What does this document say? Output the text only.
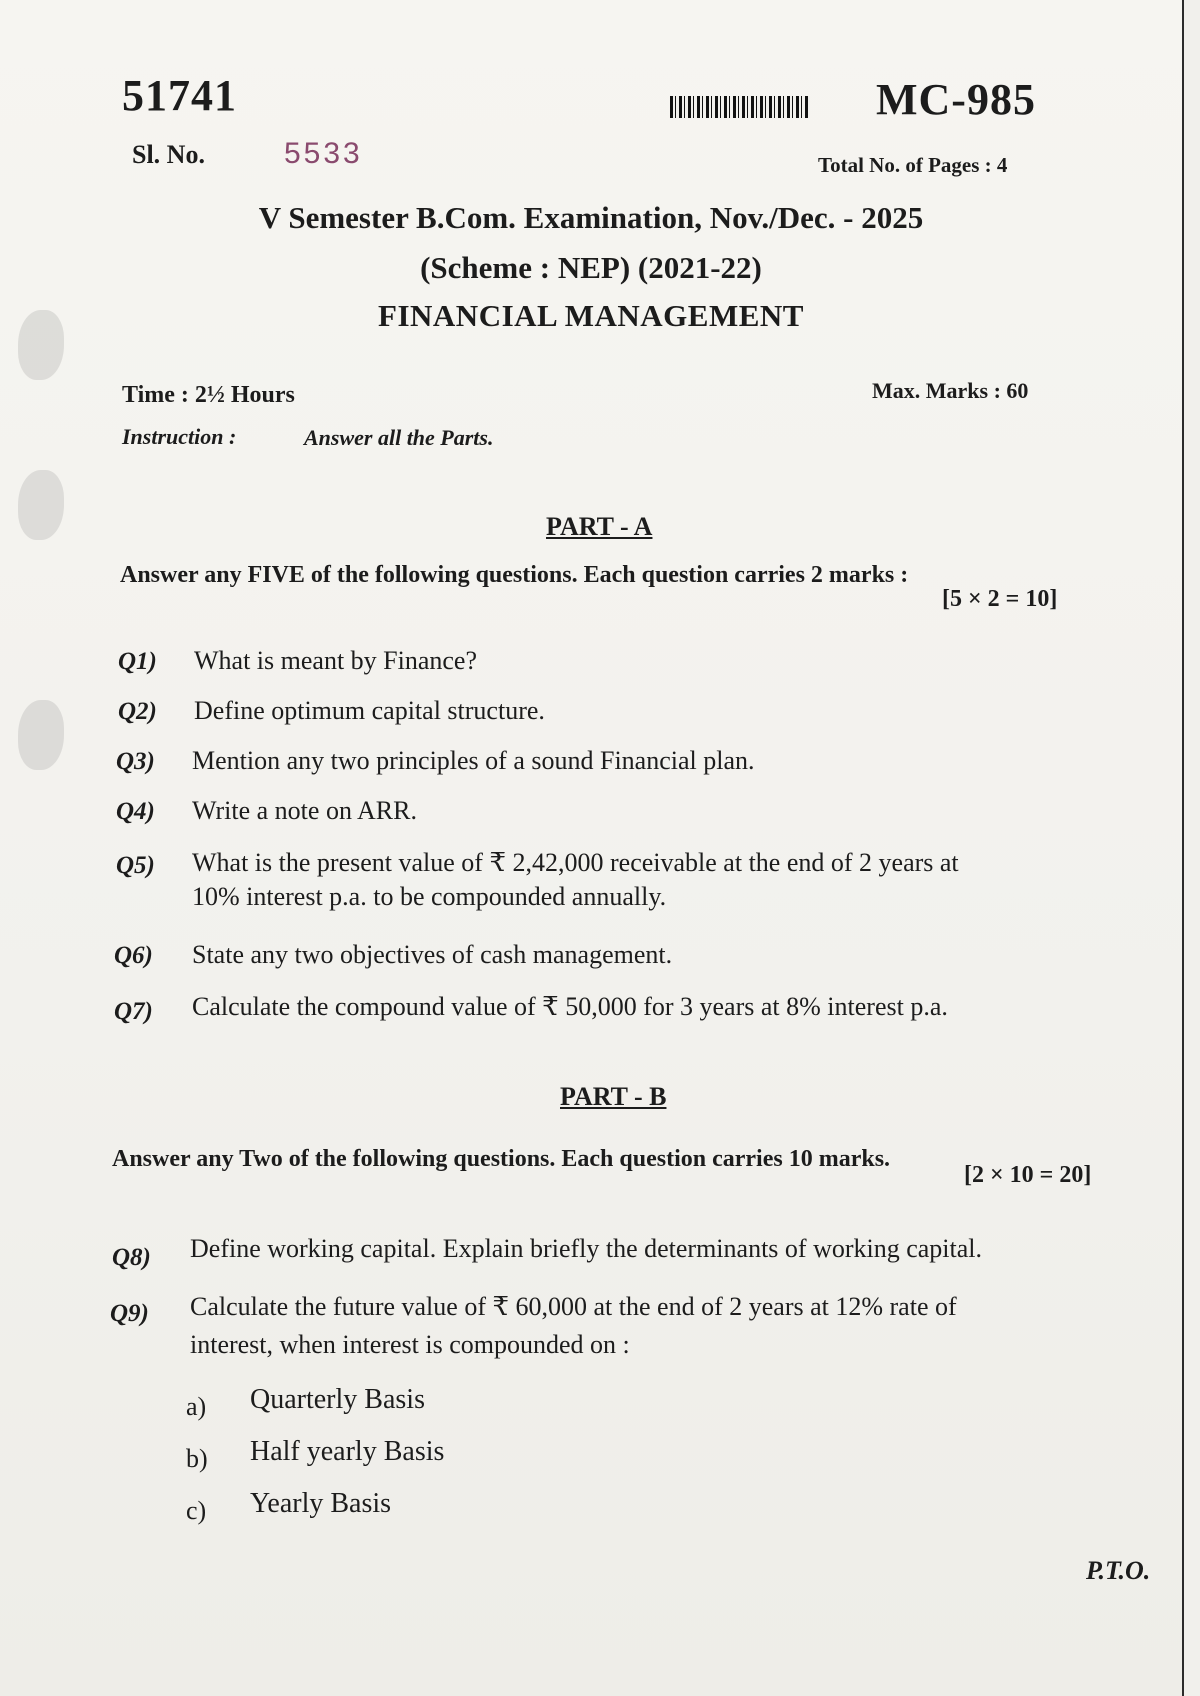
51741	MC-985
Sl. No.	5533	Total No. of Pages : 4
V Semester B.Com. Examination, Nov./Dec. - 2025
(Scheme : NEP) (2021-22)
FINANCIAL MANAGEMENT
Time : 2½ Hours	Max. Marks : 60
Instruction :	Answer all the Parts.
PART - A
Answer any FIVE of the following questions. Each question carries 2 marks :
[5 × 2 = 10]
Q1) What is meant by Finance?
Q2) Define optimum capital structure.
Q3) Mention any two principles of a sound Financial plan.
Q4) Write a note on ARR.
Q5) What is the present value of ₹ 2,42,000 receivable at the end of 2 years at
10% interest p.a. to be compounded annually.
Q6) State any two objectives of cash management.
Q7) Calculate the compound value of ₹ 50,000 for 3 years at 8% interest p.a.
PART - B
Answer any Two of the following questions. Each question carries 10 marks.
[2 × 10 = 20]
Q8) Define working capital. Explain briefly the determinants of working capital.
Q9) Calculate the future value of ₹ 60,000 at the end of 2 years at 12% rate of
interest, when interest is compounded on :
a) Quarterly Basis
b) Half yearly Basis
c) Yearly Basis
P.T.O.
